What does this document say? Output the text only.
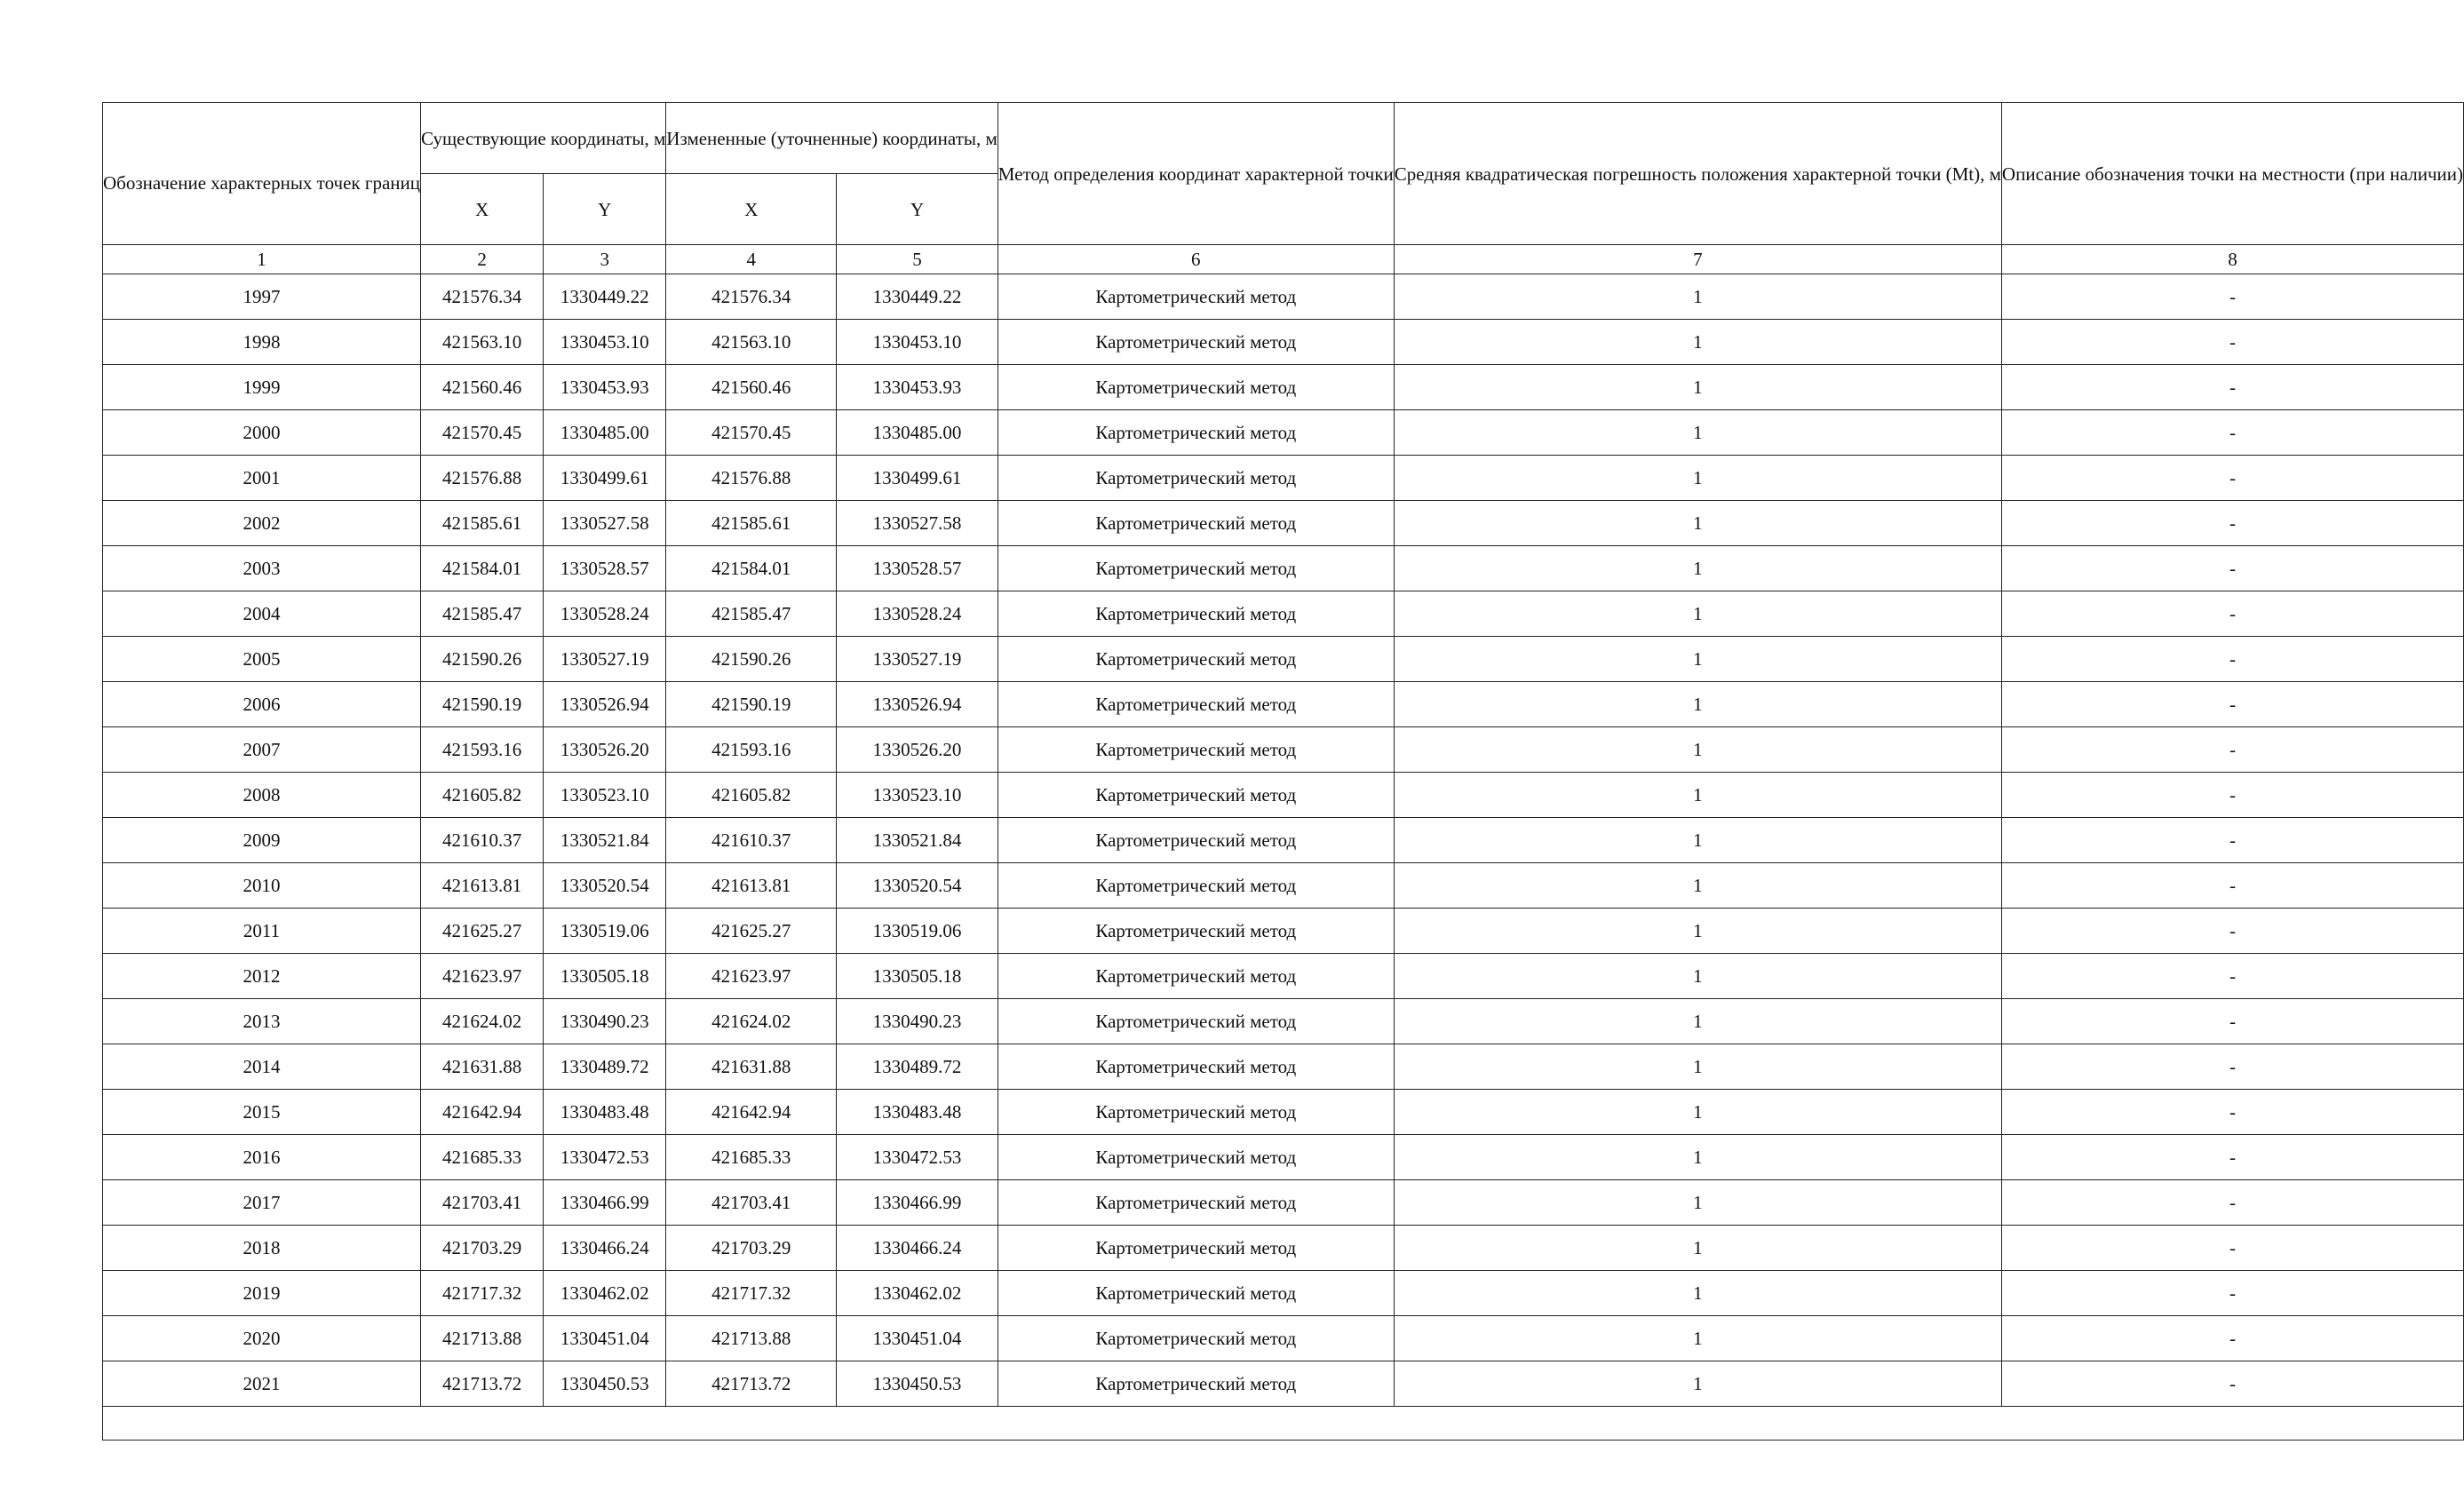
Обозначение характерных точек границ	Существующие координаты, м		Измененные (уточненные) координаты, м		Метод определения координат характерной точки	Средняя квадратическая погрешность положения характерной точки (Mt), м	Описание обозначения точки на местности (при наличии)
	X	Y	X	Y			
1	2	3	4	5	6	7	8
1997	421576.34	1330449.22	421576.34	1330449.22	Картометрический метод	1	-
1998	421563.10	1330453.10	421563.10	1330453.10	Картометрический метод	1	-
1999	421560.46	1330453.93	421560.46	1330453.93	Картометрический метод	1	-
2000	421570.45	1330485.00	421570.45	1330485.00	Картометрический метод	1	-
2001	421576.88	1330499.61	421576.88	1330499.61	Картометрический метод	1	-
2002	421585.61	1330527.58	421585.61	1330527.58	Картометрический метод	1	-
2003	421584.01	1330528.57	421584.01	1330528.57	Картометрический метод	1	-
2004	421585.47	1330528.24	421585.47	1330528.24	Картометрический метод	1	-
2005	421590.26	1330527.19	421590.26	1330527.19	Картометрический метод	1	-
2006	421590.19	1330526.94	421590.19	1330526.94	Картометрический метод	1	-
2007	421593.16	1330526.20	421593.16	1330526.20	Картометрический метод	1	-
2008	421605.82	1330523.10	421605.82	1330523.10	Картометрический метод	1	-
2009	421610.37	1330521.84	421610.37	1330521.84	Картометрический метод	1	-
2010	421613.81	1330520.54	421613.81	1330520.54	Картометрический метод	1	-
2011	421625.27	1330519.06	421625.27	1330519.06	Картометрический метод	1	-
2012	421623.97	1330505.18	421623.97	1330505.18	Картометрический метод	1	-
2013	421624.02	1330490.23	421624.02	1330490.23	Картометрический метод	1	-
2014	421631.88	1330489.72	421631.88	1330489.72	Картометрический метод	1	-
2015	421642.94	1330483.48	421642.94	1330483.48	Картометрический метод	1	-
2016	421685.33	1330472.53	421685.33	1330472.53	Картометрический метод	1	-
2017	421703.41	1330466.99	421703.41	1330466.99	Картометрический метод	1	-
2018	421703.29	1330466.24	421703.29	1330466.24	Картометрический метод	1	-
2019	421717.32	1330462.02	421717.32	1330462.02	Картометрический метод	1	-
2020	421713.88	1330451.04	421713.88	1330451.04	Картометрический метод	1	-
2021	421713.72	1330450.53	421713.72	1330450.53	Картометрический метод	1	-
